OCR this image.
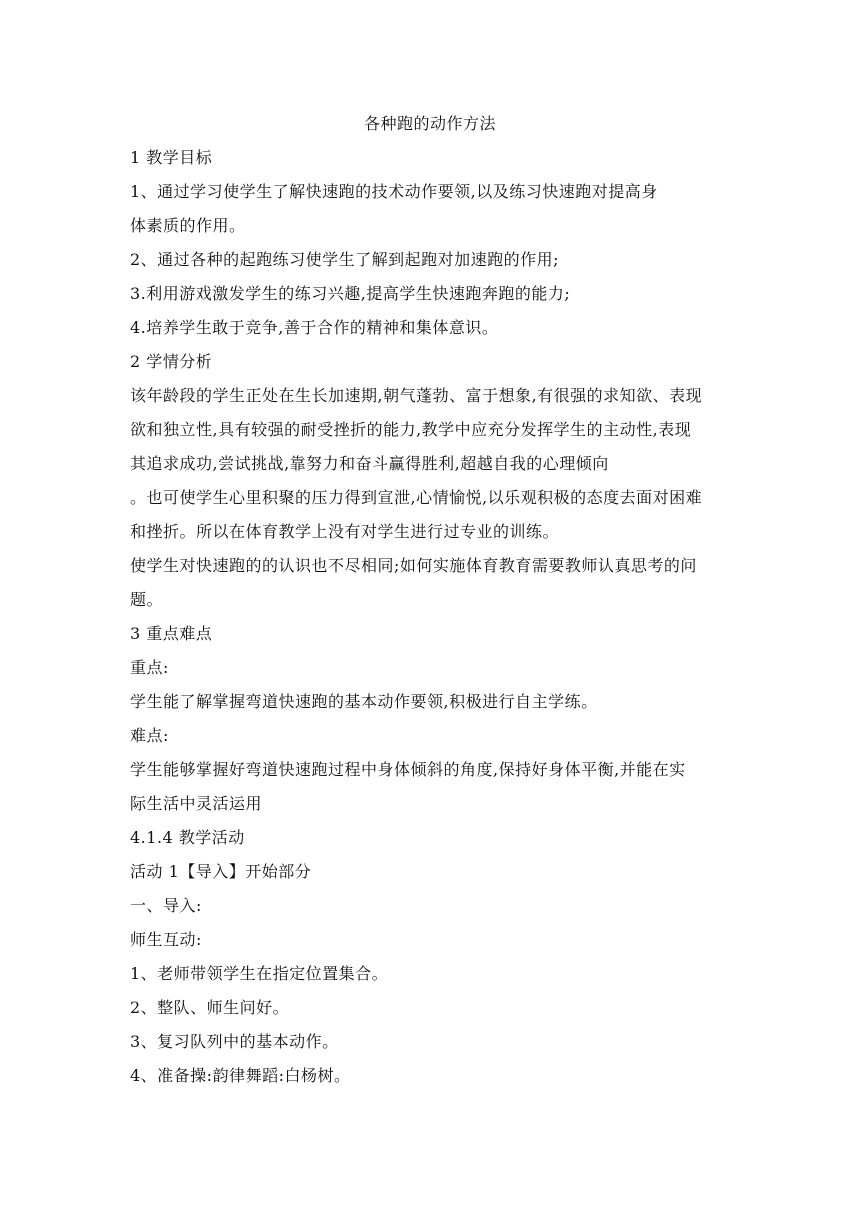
各种跑的动作方法

1 教学目标

1、通过学习使学生了解快速跑的技术动作要领,以及练习快速跑对提高身

体素质的作用。

2、通过各种的起跑练习使学生了解到起跑对加速跑的作用;

3.利用游戏激发学生的练习兴趣,提高学生快速跑奔跑的能力;

4.培养学生敢于竞争,善于合作的精神和集体意识。

2 学情分析

该年龄段的学生正处在生长加速期,朝气蓬勃、富于想象,有很强的求知欲、表现

欲和独立性,具有较强的耐受挫折的能力,教学中应充分发挥学生的主动性,表现

其追求成功,尝试挑战,靠努力和奋斗赢得胜利,超越自我的心理倾向

。也可使学生心里积聚的压力得到宣泄,心情愉悦,以乐观积极的态度去面对困难

和挫折。所以在体育教学上没有对学生进行过专业的训练。

使学生对快速跑的的认识也不尽相同;如何实施体育教育需要教师认真思考的问

题。

3 重点难点

重点:

学生能了解掌握弯道快速跑的基本动作要领,积极进行自主学练。

难点:

学生能够掌握好弯道快速跑过程中身体倾斜的角度,保持好身体平衡,并能在实

际生活中灵活运用

4.1.4 教学活动

活动 1【导入】开始部分

一、导入:

师生互动:

1、老师带领学生在指定位置集合。

2、整队、师生问好。

3、复习队列中的基本动作。

4、准备操:韵律舞蹈:白杨树。
